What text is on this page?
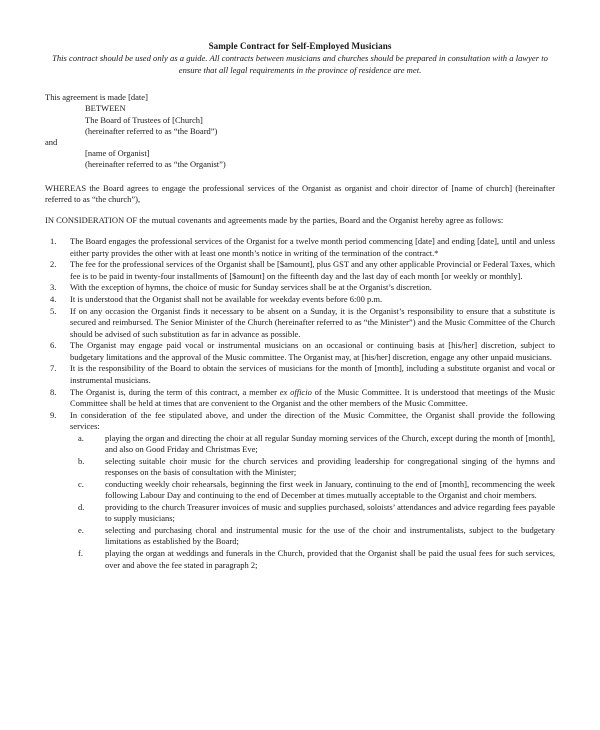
Sample Contract for Self-Employed Musicians
This contract should be used only as a guide. All contracts between musicians and churches should be prepared in consultation with a lawyer to ensure that all legal requirements in the province of residence are met.
This agreement is made [date]
BETWEEN
The Board of Trustees of [Church]
(hereinafter referred to as “the Board”)
and
[name of Organist]
(hereinafter referred to as “the Organist”)
WHEREAS the Board agrees to engage the professional services of the Organist as organist and choir director of [name of church] (hereinafter referred to as “the church”),
IN CONSIDERATION OF the mutual covenants and agreements made by the parties, Board and the Organist hereby agree as follows:
1.	The Board engages the professional services of the Organist for a twelve month period commencing [date] and ending [date], until and unless either party provides the other with at least one month’s notice in writing of the termination of the contract.*
2.	The fee for the professional services of the Organist shall be [$amount], plus GST and any other applicable Provincial or Federal Taxes, which fee is to be paid in twenty-four installments of [$amount] on the fifteenth day and the last day of each month [or weekly or monthly].
3.	With the exception of hymns, the choice of music for Sunday services shall be at the Organist’s discretion.
4.	It is understood that the Organist shall not be available for weekday events before 6:00 p.m.
5.	If on any occasion the Organist finds it necessary to be absent on a Sunday, it is the Organist’s responsibility to ensure that a substitute is secured and reimbursed. The Senior Minister of the Church (hereinafter referred to as “the Minister”) and the Music Committee of the Church should be advised of such substitution as far in advance as possible.
6.	The Organist may engage paid vocal or instrumental musicians on an occasional or continuing basis at [his/her] discretion, subject to budgetary limitations and the approval of the Music committee. The Organist may, at [his/her] discretion, engage any other unpaid musicians.
7.	It is the responsibility of the Board to obtain the services of musicians for the month of [month], including a substitute organist and vocal or instrumental musicians.
8.	The Organist is, during the term of this contract, a member ex officio of the Music Committee. It is understood that meetings of the Music Committee shall be held at times that are convenient to the Organist and the other members of the Music Committee.
9.	In consideration of the fee stipulated above, and under the direction of the Music Committee, the Organist shall provide the following services:
a.	playing the organ and directing the choir at all regular Sunday morning services of the Church, except during the month of [month], and also on Good Friday and Christmas Eve;
b.	selecting suitable choir music for the church services and providing leadership for congregational singing of the hymns and responses on the basis of consultation with the Minister;
c.	conducting weekly choir rehearsals, beginning the first week in January, continuing to the end of [month], recommencing the week following Labour Day and continuing to the end of December at times mutually acceptable to the Organist and choir members.
d.	providing to the church Treasurer invoices of music and supplies purchased, soloists’ attendances and advice regarding fees payable to supply musicians;
e.	selecting and purchasing choral and instrumental music for the use of the choir and instrumentalists, subject to the budgetary limitations as established by the Board;
f.	playing the organ at weddings and funerals in the Church, provided that the Organist shall be paid the usual fees for such services, over and above the fee stated in paragraph 2;
